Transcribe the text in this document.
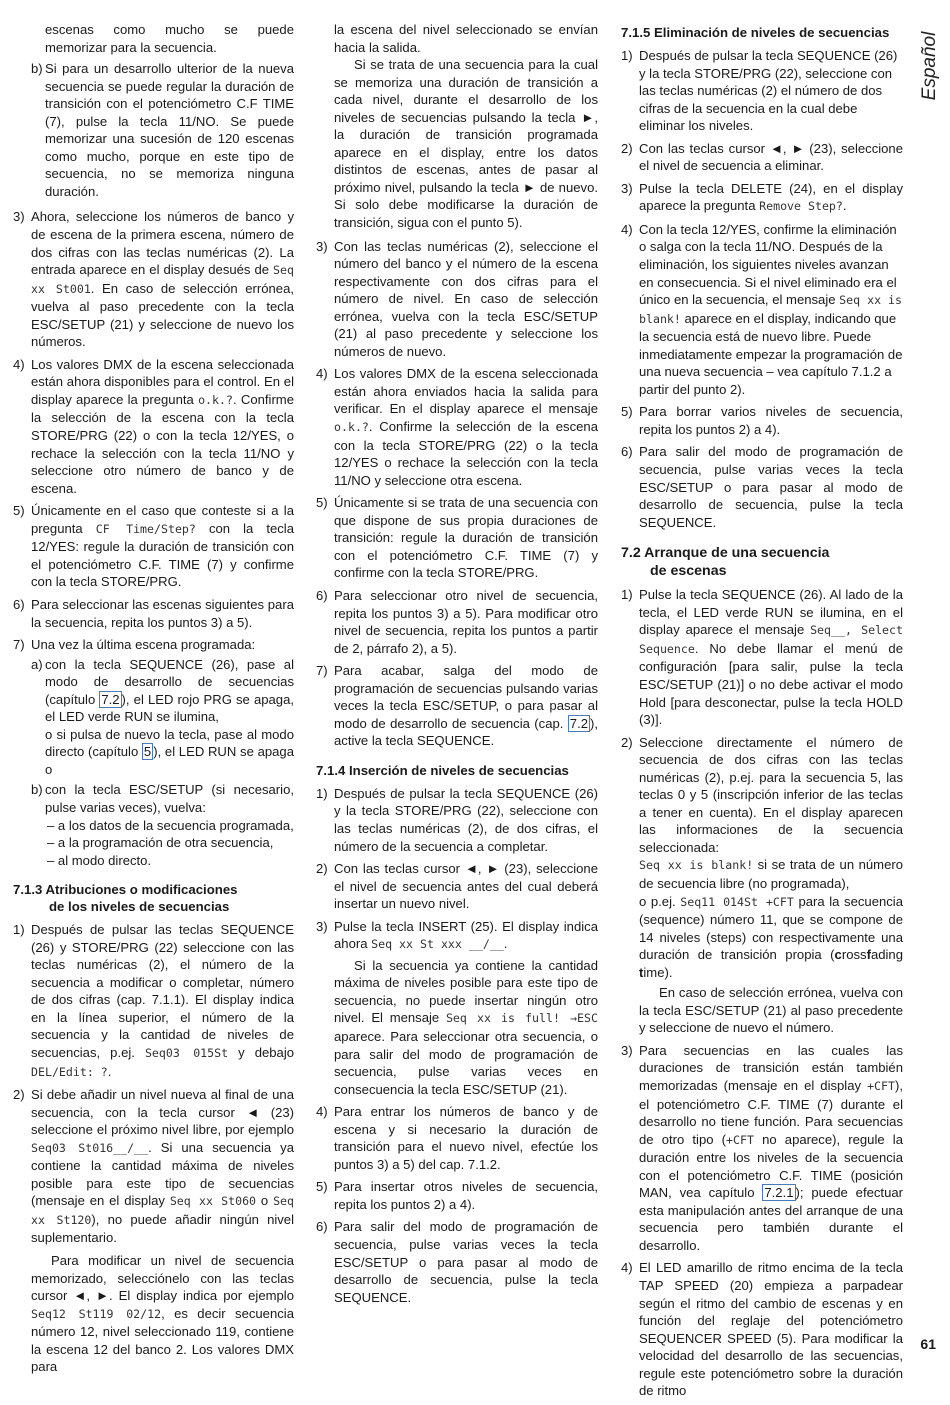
Español

escenas como mucho se puede memorizar para la secuencia.

b) Si para un desarrollo ulterior de la nueva secuencia se puede regular la duración de transición con el potenciómetro C.F TIME (7), pulse la tecla 11/NO. Se puede memorizar una sucesión de 120 escenas como mucho, porque en este tipo de secuencia, no se memoriza ninguna duración.
3) Ahora, seleccione los números de banco y de escena de la primera escena, número de dos cifras con las teclas numéricas (2). La entrada aparece en el display desués de Seq xx St001. En caso de selección errónea, vuelva al paso precedente con la tecla ESC/SETUP (21) y seleccione de nuevo los números.
4) Los valores DMX de la escena seleccionada están ahora disponibles para el control. En el display aparece la pregunta o.k.?. Confirme la selección de la escena con la tecla STORE/PRG (22) o con la tecla 12/YES, o rechace la selección con la tecla 11/NO y seleccione otro número de banco y de escena.
5) Únicamente en el caso que conteste si a la pregunta CF Time/Step? con la tecla 12/YES: regule la duración de transición con el potenciómetro C.F. TIME (7) y confirme con la tecla STORE/PRG.
6) Para seleccionar las escenas siguientes para la secuencia, repita los puntos 3) a 5).
7) Una vez la última escena programada:
a) con la tecla SEQUENCE (26), pase al modo de desarrollo de secuencias (capítulo 7.2 ), el LED rojo PRG se apaga, el LED verde RUN se ilumina,
o si pulsa de nuevo la tecla, pase al modo directo (capítulo 5 ), el LED RUN se apaga o
b) con la tecla ESC/SETUP (si necesario, pulse varias veces), vuelva:
– a los datos de la secuencia programada,
– a la programación de otra secuencia,
– al modo directo.
7.1.3 Atribuciones o modificaciones
de los niveles de secuencias
1) Después de pulsar las teclas SEQUENCE (26) y STORE/PRG (22) seleccione con las teclas numéricas (2), el número de la secuencia a modificar o completar, número de dos cifras (cap. 7.1.1). El display indica en la línea superior, el número de la secuencia y la cantidad de niveles de secuencias, p.ej. Seq03 015St y debajo DEL/Edit: ?.
2) Si debe añadir un nivel nueva al final de una secuencia, con la tecla cursor ◄ (23) seleccione el próximo nivel libre, por ejemplo Seq03 St016__/__. Si una secuencia ya contiene la cantidad máxima de niveles posible para este tipo de secuencias (mensaje en el display Seq xx St060 o Seq xx St120), no puede añadir ningún nivel suplementario.
Para modificar un nivel de secuencia memorizado, selecciónelo con las teclas cursor ◄, ►. El display indica por ejemplo Seq12 St119 02/12, es decir secuencia número 12, nivel seleccionado 119, contiene la escena 12 del banco 2. Los valores DMX para

la escena del nivel seleccionado se envían hacia la salida.

Si se trata de una secuencia para la cual se memoriza una duración de transición a cada nivel, durante el desarrollo de los niveles de secuencias pulsando la tecla ►, la duración de transición programada aparece en el display, entre los datos distintos de escenas, antes de pasar al próximo nivel, pulsando la tecla ► de nuevo. Si solo debe modificarse la duración de transición, sigua con el punto 5).

3) Con las teclas numéricas (2), seleccione el número del banco y el número de la escena respectivamente con dos cifras para el número de nivel. En caso de selección errónea, vuelva con la tecla ESC/SETUP (21) al paso precedente y seleccione los números de nuevo.
4) Los valores DMX de la escena seleccionada están ahora enviados hacia la salida para verificar. En el display aparece el mensaje o.k.?. Confirme la selección de la escena con la tecla STORE/PRG (22) o la tecla 12/YES o rechace la selección con la tecla 11/NO y seleccione otra escena.
5) Únicamente si se trata de una secuencia con que dispone de sus propia duraciones de transición: regule la duración de transición con el potenciómetro C.F. TIME (7) y confirme con la tecla STORE/PRG.
6) Para seleccionar otro nivel de secuencia, repita los puntos 3) a 5). Para modificar otro nivel de secuencia, repita los puntos a partir de 2, párrafo 2), a 5).
7) Para acabar, salga del modo de programación de secuencias pulsando varias veces la tecla ESC/SETUP, o para pasar al modo de desarrollo de secuencia (cap. 7.2 ), active la tecla SEQUENCE.
7.1.4 Inserción de niveles de secuencias
1) Después de pulsar la tecla SEQUENCE (26) y la tecla STORE/PRG (22), seleccione con las teclas numéricas (2), de dos cifras, el número de la secuencia a completar.
2) Con las teclas cursor ◄, ► (23), seleccione el nivel de secuencia antes del cual deberá insertar un nuevo nivel.
3) Pulse la tecla INSERT (25). El display indica ahora Seq xx St xxx __/__.
Si la secuencia ya contiene la cantidad máxima de niveles posible para este tipo de secuencia, no puede insertar ningún otro nivel. El mensaje Seq xx is full! →ESC aparece. Para seleccionar otra secuencia, o para salir del modo de programación de secuencia, pulse varias veces en consecuencia la tecla ESC/SETUP (21).
4) Para entrar los números de banco y de escena y si necesario la duración de transición para el nuevo nivel, efectúe los puntos 3) a 5) del cap. 7.1.2.
5) Para insertar otros niveles de secuencia, repita los puntos 2) a 4).
6) Para salir del modo de programación de secuencia, pulse varias veces la tecla ESC/SETUP o para pasar al modo de desarrollo de secuencia, pulse la tecla SEQUENCE.
7.1.5 Eliminación de niveles de secuencias
1) Después de pulsar la tecla SEQUENCE (26) y la tecla STORE/PRG (22), seleccione con las teclas numéricas (2) el número de dos cifras de la secuencia en la cual debe eliminar los niveles.
2) Con las teclas cursor ◄, ► (23), seleccione el nivel de secuencia a eliminar.
3) Pulse la tecla DELETE (24), en el display aparece la pregunta Remove Step?.
4) Con la tecla 12/YES, confirme la eliminación o salga con la tecla 11/NO. Después de la eliminación, los siguientes niveles avanzan en consecuencia. Si el nivel eliminado era el único en la secuencia, el mensaje Seq xx is blank! aparece en el display, indicando que la secuencia está de nuevo libre. Puede inmediatamente empezar la programación de una nueva secuencia – vea capítulo 7.1.2 a partir del punto 2).
5) Para borrar varios niveles de secuencia, repita los puntos 2) a 4).
6) Para salir del modo de programación de secuencia, pulse varias veces la tecla ESC/SETUP o para pasar al modo de desarrollo de secuencia, pulse la tecla SEQUENCE.
7.2 Arranque de una secuencia
de escenas
1) Pulse la tecla SEQUENCE (26). Al lado de la tecla, el LED verde RUN se ilumina, en el display aparece el mensaje Seq__, Select Sequence. No debe llamar el menú de configuración [para salir, pulse la tecla ESC/SETUP (21)] o no debe activar el modo Hold [para desconectar, pulse la tecla HOLD (3)].
2) Seleccione directamente el número de secuencia de dos cifras con las teclas numéricas (2), p.ej. para la secuencia 5, las teclas 0 y 5 (inscripción inferior de las teclas a tener en cuenta). En el display aparecen las informaciones de la secuencia seleccionada:
Seq xx is blank! si se trata de un número de secuencia libre (no programada),
o p.ej. Seq11 014St +CFT para la secuencia (sequence) número 11, que se compone de 14 niveles (steps) con respectivamente una duración de transición propia (crossfading time).
En caso de selección errónea, vuelva con la tecla ESC/SETUP (21) al paso precedente y seleccione de nuevo el número.
3) Para secuencias en las cuales las duraciones de transición están también memorizadas (mensaje en el display +CFT), el potenciómetro C.F. TIME (7) durante el desarrollo no tiene función. Para secuencias de otro tipo (+CFT no aparece), regule la duración entre los niveles de la secuencia con el potenciómetro C.F. TIME (posición MAN, vea capítulo 7.2.1 ); puede efectuar esta manipulación antes del arranque de una secuencia pero también durante el desarrollo.
4) El LED amarillo de ritmo encima de la tecla TAP SPEED (20) empieza a parpadear según el ritmo del cambio de escenas y en función del reglaje del potenciómetro SEQUENCER SPEED (5). Para modificar la velocidad del desarrollo de las secuencias, regule este potenciómetro sobre la duración de ritmo
61
